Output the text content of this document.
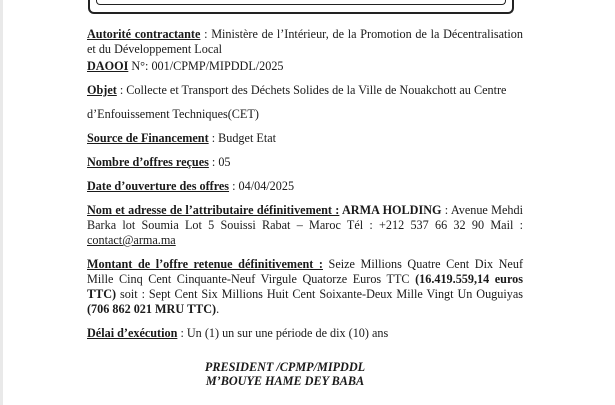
Autorité contractante : Ministère de l’Intérieur, de la Promotion de la Décentralisation et du Développement Local

DAOOI N°: 001/CPMP/MIPDDL/2025

Objet : Collecte et Transport des Déchets Solides de la Ville de Nouakchott au Centre

d’Enfouissement Techniques(CET)

Source de Financement : Budget Etat

Nombre d’offres reçues : 05

Date d’ouverture des offres : 04/04/2025

Nom et adresse de l’attributaire définitivement : ARMA HOLDING : Avenue Mehdi Barka lot Soumia Lot 5 Souissi Rabat – Maroc Tél : +212 537 66 32 90 Mail : contact@arma.ma

Montant de l’offre retenue définitivement : Seize Millions Quatre Cent Dix Neuf Mille Cinq Cent Cinquante-Neuf Virgule Quatorze Euros TTC (16.419.559,14 euros TTC) soit : Sept Cent Six Millions Huit Cent Soixante-Deux Mille Vingt Un Ouguiyas (706 862 021 MRU TTC).

Délai d’exécution : Un (1) un sur une période de dix (10) ans

PRESIDENT /CPMP/MIPDDL

M’BOUYE HAME DEY BABA
